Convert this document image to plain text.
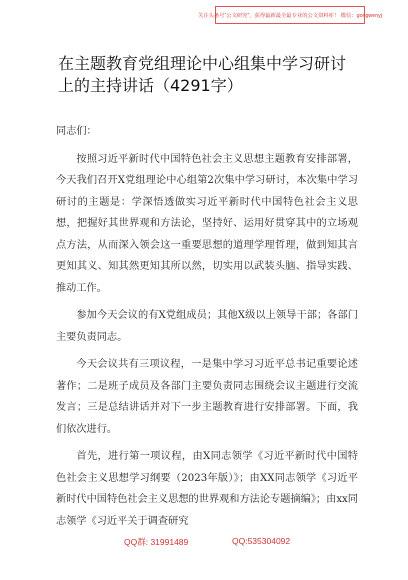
关注头条号“公文研究”，获得最新最全最专业的公文资料库！ 微信：gongwenyj
在主题教育党组理论中心组集中学习研讨上的主持讲话（4291字）

同志们：

按照习近平新时代中国特色社会主义思想主题教育安排部署，今天我们召开X党组理论中心组第2次集中学习研讨，本次集中学习研讨的主题是：学深悟透做实习近平新时代中国特色社会主义思想，把握好其世界观和方法论，坚持好、运用好贯穿其中的立场观点方法，从而深入领会这一重要思想的道理学理哲理，做到知其言更知其义、知其然更知其所以然，切实用以武装头脑、指导实践、推动工作。

参加今天会议的有X党组成员；其他X级以上领导干部；各部门主要负责同志。

今天会议共有三项议程，一是集中学习习近平总书记重要论述著作；二是班子成员及各部门主要负责同志围绕会议主题进行交流发言；三是总结讲话并对下一步主题教育进行安排部署。下面，我们依次进行。

首先，进行第一项议程，由X同志领学《习近平新时代中国特色社会主义思想学习纲要（2023年版）》；由XX同志领学《习近平新时代中国特色社会主义思想的世界观和方法论专题摘编》；由xx同志领学《习近平关于调查研究

QQ群: 31991489	QQ:535304092
